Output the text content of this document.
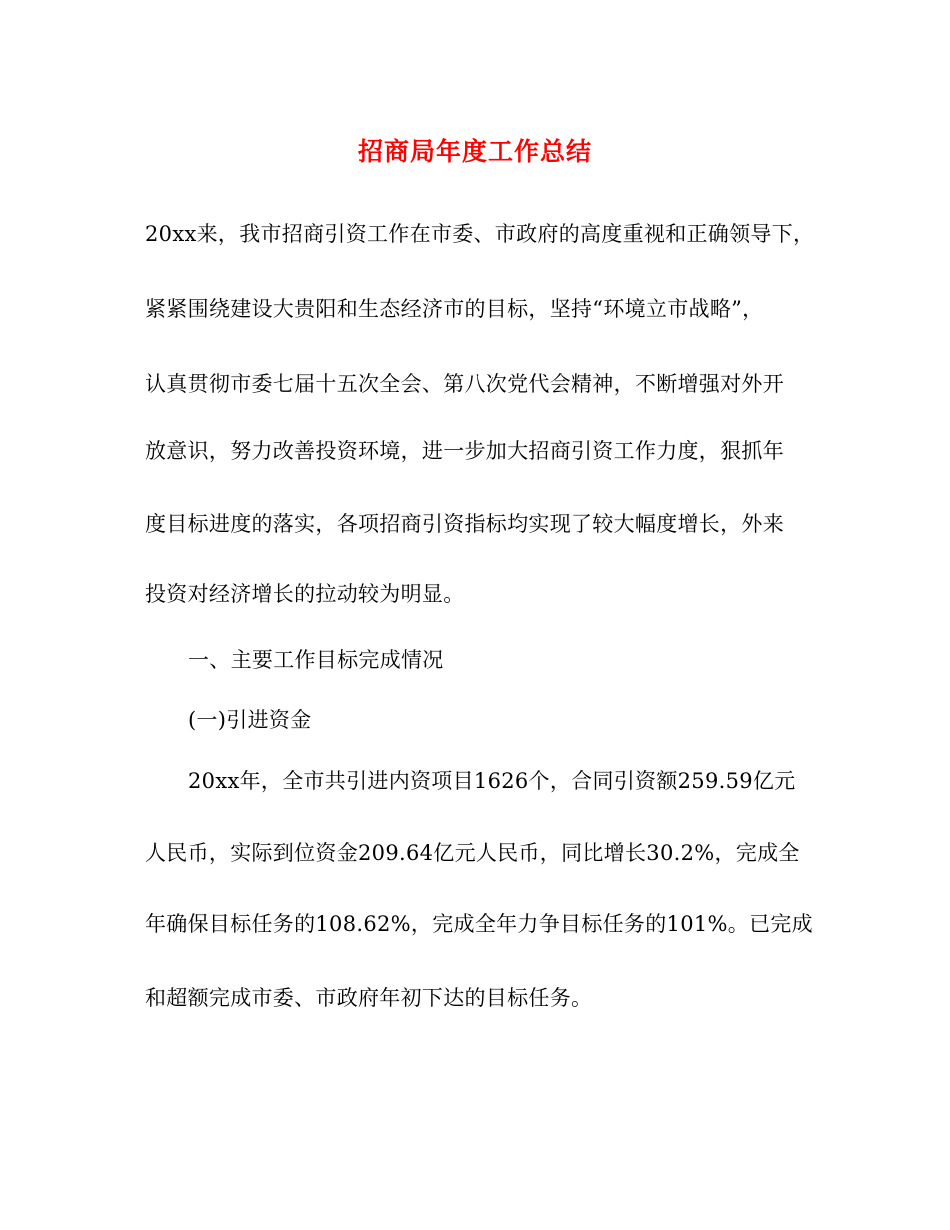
招商局年度工作总结
20xx来，我市招商引资工作在市委、市政府的高度重视和正确领导下，
紧紧围绕建设大贵阳和生态经济市的目标，坚持“环境立市战略”，
认真贯彻市委七届十五次全会、第八次党代会精神，不断增强对外开
放意识，努力改善投资环境，进一步加大招商引资工作力度，狠抓年
度目标进度的落实，各项招商引资指标均实现了较大幅度增长，外来
投资对经济增长的拉动较为明显。
一、主要工作目标完成情况
(一)引进资金
20xx年，全市共引进内资项目1626个，合同引资额259.59亿元
人民币，实际到位资金209.64亿元人民币，同比增长30.2%，完成全
年确保目标任务的108.62%，完成全年力争目标任务的101%。已完成
和超额完成市委、市政府年初下达的目标任务。
